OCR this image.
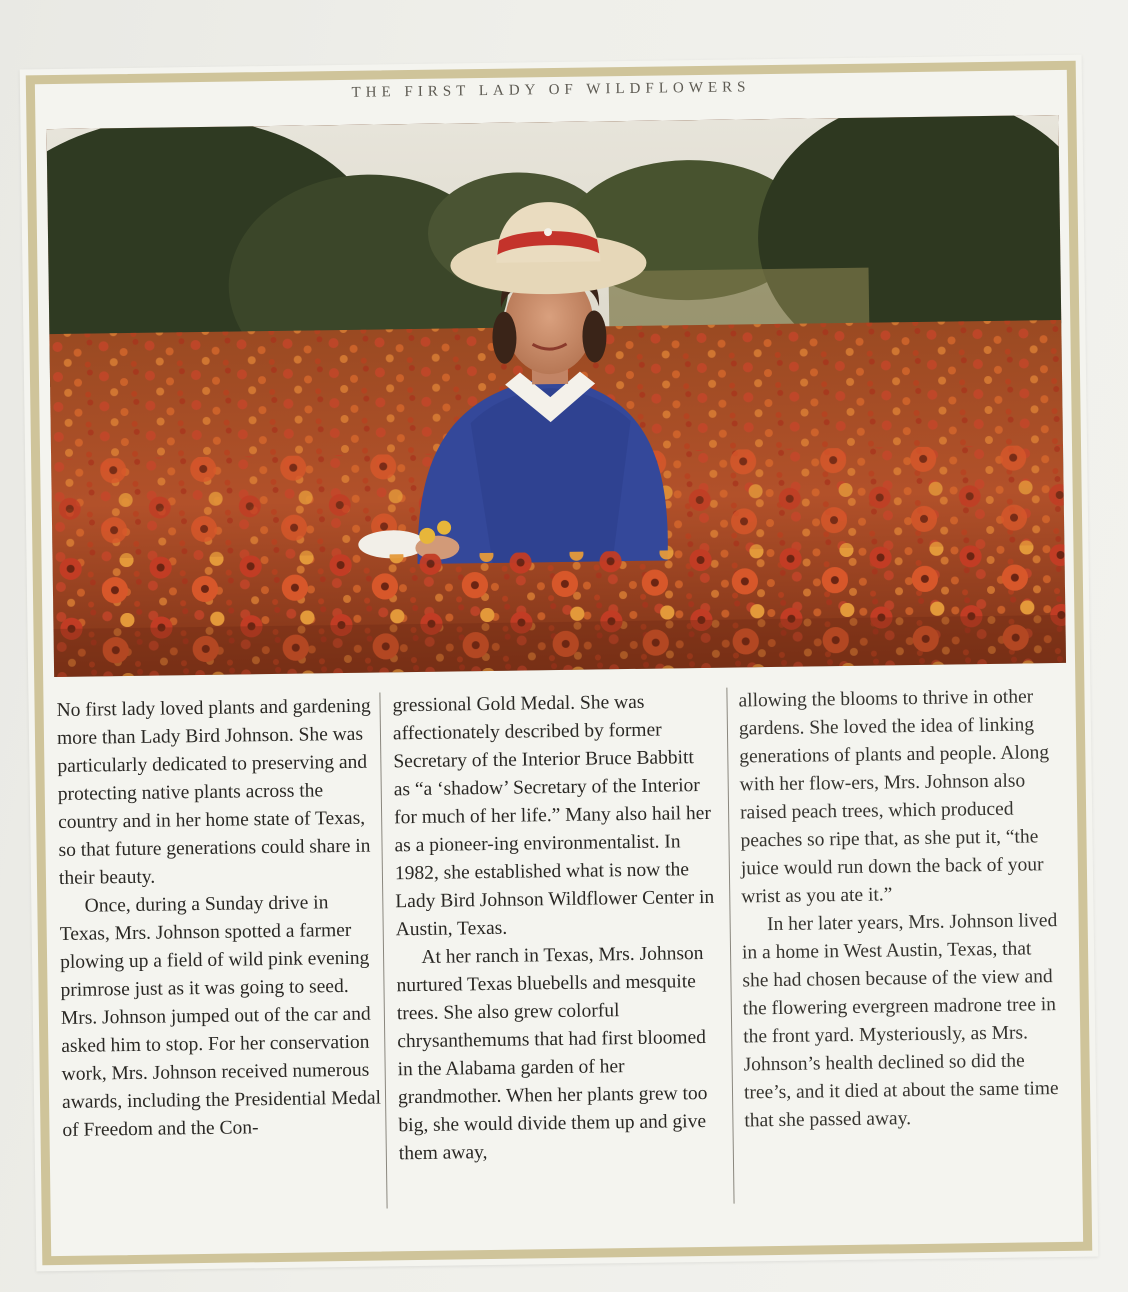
THE FIRST LADY OF WILDFLOWERS

No first lady loved plants and gardening more than Lady Bird Johnson. She was particularly dedicated to preserving and protecting native plants across the country and in her home state of Texas, so that future generations could share in their beauty.

Once, during a Sunday drive in Texas, Mrs. Johnson spotted a farmer plowing up a field of wild pink evening primrose just as it was going to seed. Mrs. Johnson jumped out of the car and asked him to stop. For her conservation work, Mrs. Johnson received numerous awards, including the Presidential Medal of Freedom and the Con-

gressional Gold Medal. She was affectionately described by former Secretary of the Interior Bruce Babbitt as “a ‘shadow’ Secretary of the Interior for much of her life.” Many also hail her as a pioneer-ing environmentalist. In 1982, she established what is now the Lady Bird Johnson Wildflower Center in Austin, Texas.

At her ranch in Texas, Mrs. Johnson nurtured Texas bluebells and mesquite trees. She also grew colorful chrysanthemums that had first bloomed in the Alabama garden of her grandmother. When her plants grew too big, she would divide them up and give them away,

allowing the blooms to thrive in other gardens. She loved the idea of linking generations of plants and people. Along with her flow-ers, Mrs. Johnson also raised peach trees, which produced peaches so ripe that, as she put it, “the juice would run down the back of your wrist as you ate it.”

In her later years, Mrs. Johnson lived in a home in West Austin, Texas, that she had chosen because of the view and the flowering evergreen madrone tree in the front yard. Mysteriously, as Mrs. Johnson’s health declined so did the tree’s, and it died at about the same time that she passed away.
